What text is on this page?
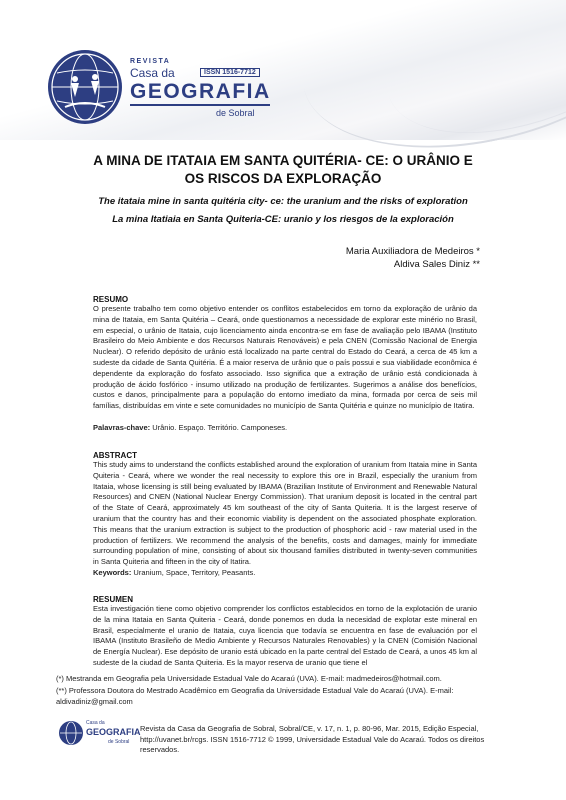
REVISTA
Casa da	ISSN 1516-7712
GEOGRAFIA
de Sobral
A MINA DE ITATAIA EM SANTA QUITÉRIA- CE: O URÂNIO E
OS RISCOS DA EXPLORAÇÃO
The itataia mine in santa quitéria city- ce: the uranium and the risks of exploration
La mina Itatiaia en Santa Quiteria-CE: uranio y los riesgos de la exploración
Maria Auxiliadora de Medeiros *
Aldiva Sales Diniz **
RESUMO
O presente trabalho tem como objetivo entender os conflitos estabelecidos em torno da exploração de urânio da mina de Itataia, em Santa Quitéria – Ceará, onde questionamos a necessidade de explorar este minério no Brasil, em especial, o urânio de Itataia, cujo licenciamento ainda encontra-se em fase de avaliação pelo IBAMA (Instituto Brasileiro do Meio Ambiente e dos Recursos Naturais Renováveis) e pela CNEN (Comissão Nacional de Energia Nuclear). O referido depósito de urânio está localizado na parte central do Estado do Ceará, a cerca de 45 km a sudeste da cidade de Santa Quitéria. É a maior reserva de urânio que o país possui e sua viabilidade econômica é dependente da exploração do fosfato associado. Isso significa que a extração de urânio está condicionada à produção de ácido fosfórico - insumo utilizado na produção de fertilizantes. Sugerimos a análise dos benefícios, custos e danos, principalmente para a população do entorno imediato da mina, formada por cerca de seis mil famílias, distribuídas em vinte e sete comunidades no município de Santa Quitéria e quinze no município de Itatira.
Palavras-chave: Urânio. Espaço. Território. Camponeses.
ABSTRACT
This study aims to understand the conflicts established around the exploration of uranium from Itataia mine in Santa Quiteria - Ceará, where we wonder the real necessity to explore this ore in Brazil, especially the uranium from Itataia, whose licensing is still being evaluated by IBAMA (Brazilian Institute of Environment and Renewable Natural Resources) and CNEN (National Nuclear Energy Commission). That uranium deposit is located in the central part of the State of Ceará, approximately 45 km southeast of the city of Santa Quiteria. It is the largest reserve of uranium that the country has and their economic viability is dependent on the associated phosphate exploration. This means that the uranium extraction is subject to the production of phosphoric acid - raw material used in the production of fertilizers. We recommend the analysis of the benefits, costs and damages, mainly for immediate surrounding population of mine, consisting of about six thousand families distributed in twenty-seven communities in Santa Quiteria and fifteen in the city of Itatira.
Keywords: Uranium, Space, Territory, Peasants.
RESUMEN
Esta investigación tiene como objetivo comprender los conflictos establecidos en torno de la explotación de uranio de la mina Itataia en Santa Quiteria - Ceará, donde ponemos en duda la necesidad de explotar este mineral en Brasil, especialmente el uranio de Itataia, cuya licencia que todavía se encuentra en fase de evaluación por el IBAMA (Instituto Brasileño de Medio Ambiente y Recursos Naturales Renovables) y la CNEN (Comisión Nacional de Energía Nuclear). Ese depósito de uranio está ubicado en la parte central del Estado de Ceará, a unos 45 km al sudeste de la ciudad de Santa Quiteria. Es la mayor reserva de uranio que tiene el
(*) Mestranda em Geografia pela Universidade Estadual Vale do Acaraú (UVA). E-mail: madmedeiros@hotmail.com.
(**) Professora Doutora do Mestrado Acadêmico em Geografia da Universidade Estadual Vale do Acaraú (UVA). E-mail: aldivadiniz@gmail.com
Casa da
GEOGRAFIA
de Sobral
Revista da Casa da Geografia de Sobral, Sobral/CE, v. 17, n. 1, p. 80-96, Mar. 2015, Edição Especial, http://uvanet.br/rcgs. ISSN 1516-7712 © 1999, Universidade Estadual Vale do Acaraú. Todos os direitos reservados.
